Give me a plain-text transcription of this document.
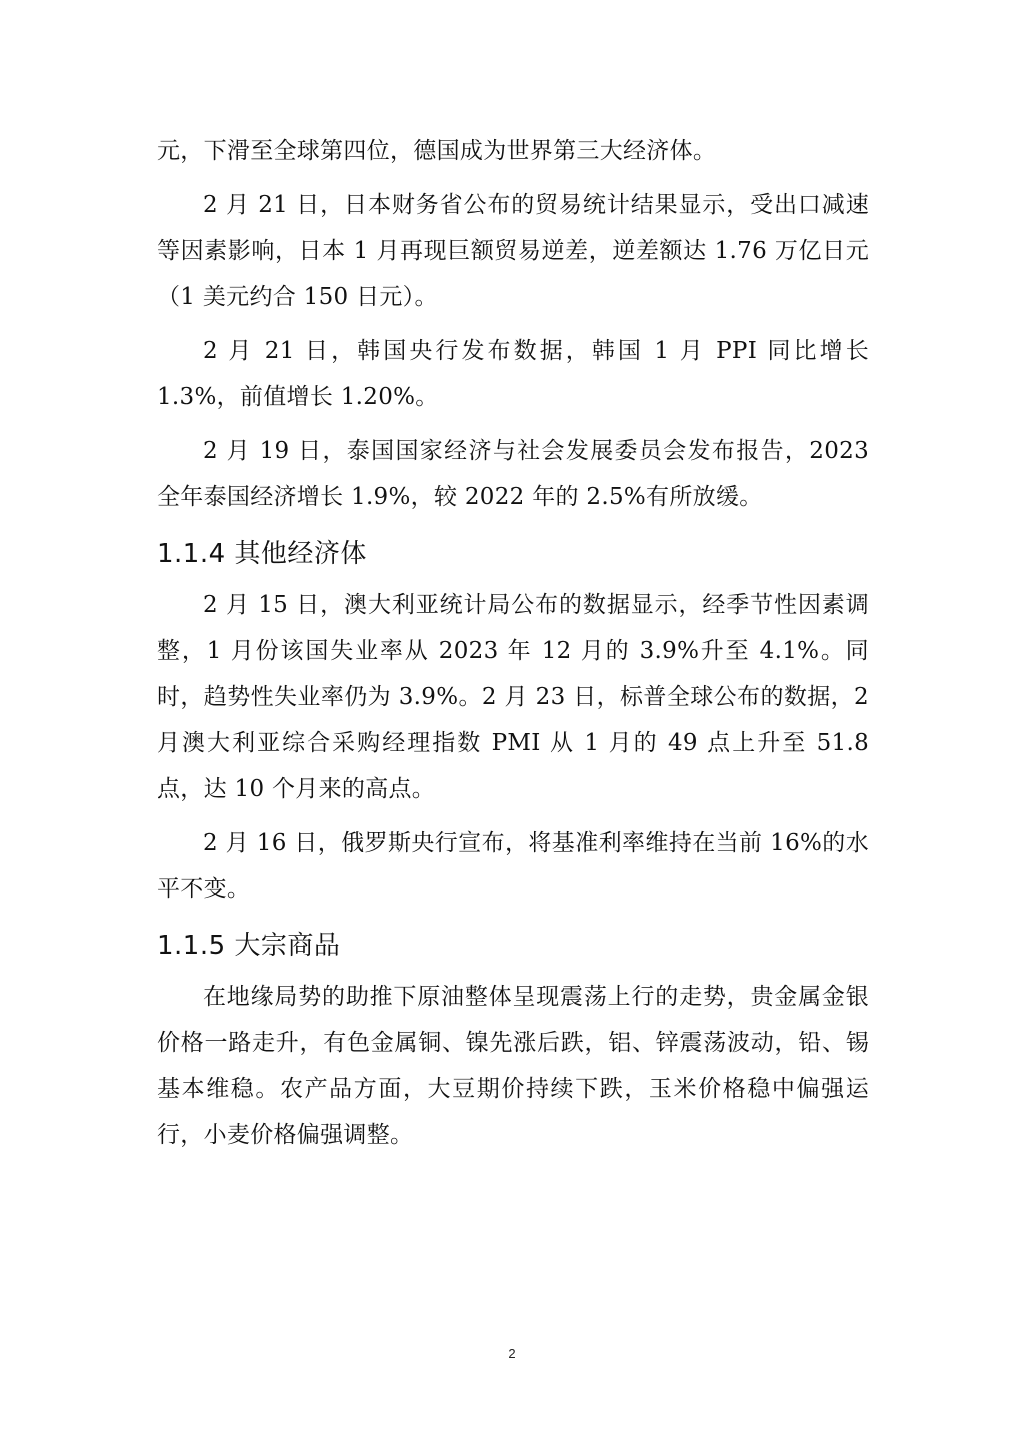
元，下滑至全球第四位，德国成为世界第三大经济体。

2 月 21 日，日本财务省公布的贸易统计结果显示，受出口减速等因素影响，日本 1 月再现巨额贸易逆差，逆差额达 1.76 万亿日元（1 美元约合 150 日元）。

2 月 21 日，韩国央行发布数据，韩国 1 月 PPI 同比增长 1.3%，前值增长 1.20%。

2 月 19 日，泰国国家经济与社会发展委员会发布报告，2023 全年泰国经济增长 1.9%，较 2022 年的 2.5%有所放缓。

1.1.4 其他经济体

2 月 15 日，澳大利亚统计局公布的数据显示，经季节性因素调整，1 月份该国失业率从 2023 年 12 月的 3.9%升至 4.1%。同时，趋势性失业率仍为 3.9%。2 月 23 日，标普全球公布的数据，2 月澳大利亚综合采购经理指数 PMI 从 1 月的 49 点上升至 51.8 点，达 10 个月来的高点。

2 月 16 日，俄罗斯央行宣布，将基准利率维持在当前 16%的水平不变。

1.1.5 大宗商品

在地缘局势的助推下原油整体呈现震荡上行的走势，贵金属金银价格一路走升，有色金属铜、镍先涨后跌，铝、锌震荡波动，铅、锡基本维稳。农产品方面，大豆期价持续下跌，玉米价格稳中偏强运行，小麦价格偏强调整。

2
